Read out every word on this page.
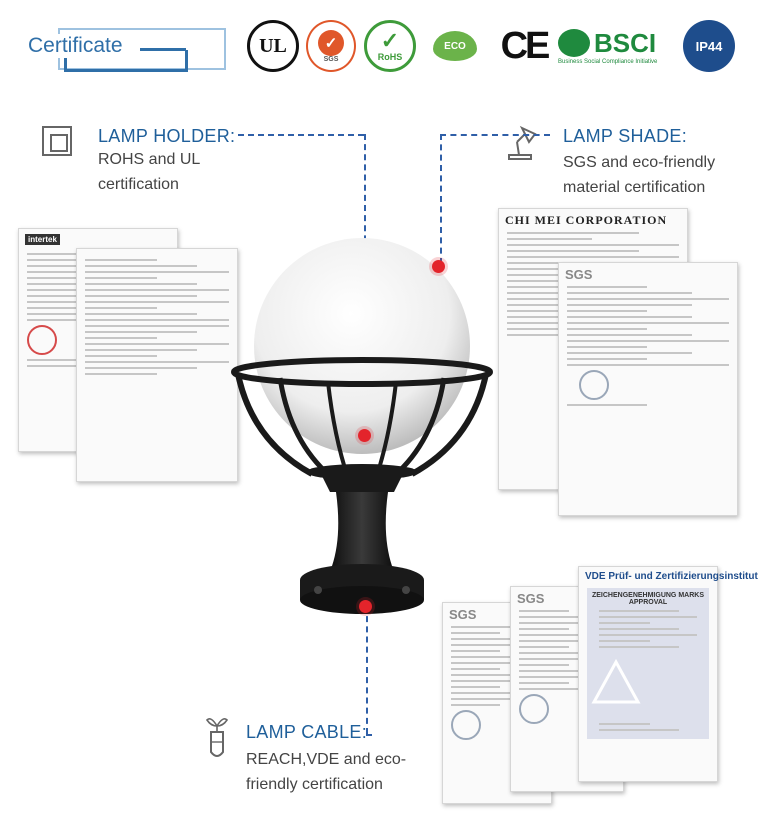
Certificate	UL	✓
SGS
✓
RoHS
ECO CE BSCI
Business Social Compliance Initiative
IP44
LAMP HOLDER:
ROHS and UL
certification
LAMP SHADE:
SGS and eco-friendly
material certification
LAMP CABLE:
REACH,VDE and eco-
friendly certification
intertek
CHI MEI CORPORATION
SGS
SGS
SGS
VDE Prüf- und Zertifizierungsinstitut
ZEICHENGENEHMIGUNG MARKS APPROVAL
